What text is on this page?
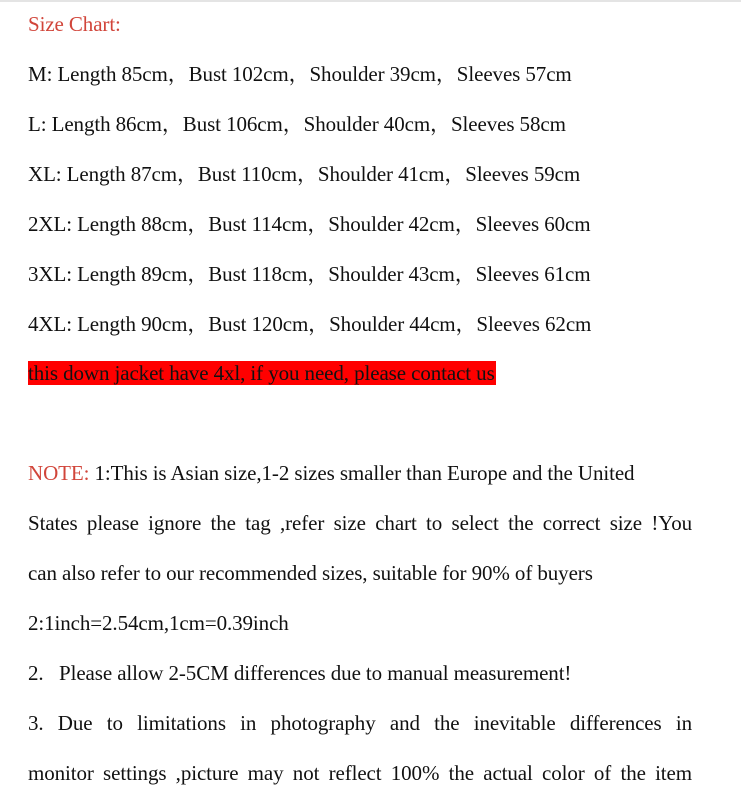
Size Chart:
M: Length 85cm，Bust 102cm，Shoulder 39cm，Sleeves 57cm
L: Length 86cm，Bust 106cm，Shoulder 40cm，Sleeves 58cm
XL: Length 87cm，Bust 110cm，Shoulder 41cm，Sleeves 59cm
2XL: Length 88cm，Bust 114cm，Shoulder 42cm，Sleeves 60cm
3XL: Length 89cm，Bust 118cm，Shoulder 43cm，Sleeves 61cm
4XL: Length 90cm，Bust 120cm，Shoulder 44cm，Sleeves 62cm
this down jacket have 4xl, if you need, please contact us
NOTE: 1:This is Asian size,1-2 sizes smaller than Europe and the United
States please ignore the tag ,refer size chart to select the correct size !You
can also refer to our recommended sizes, suitable for 90% of buyers
2:1inch=2.54cm,1cm=0.39inch
2.   Please allow 2-5CM differences due to manual measurement!
3. Due to limitations in photography and the inevitable differences in
monitor settings ,picture may not reflect 100% the actual color of the item
